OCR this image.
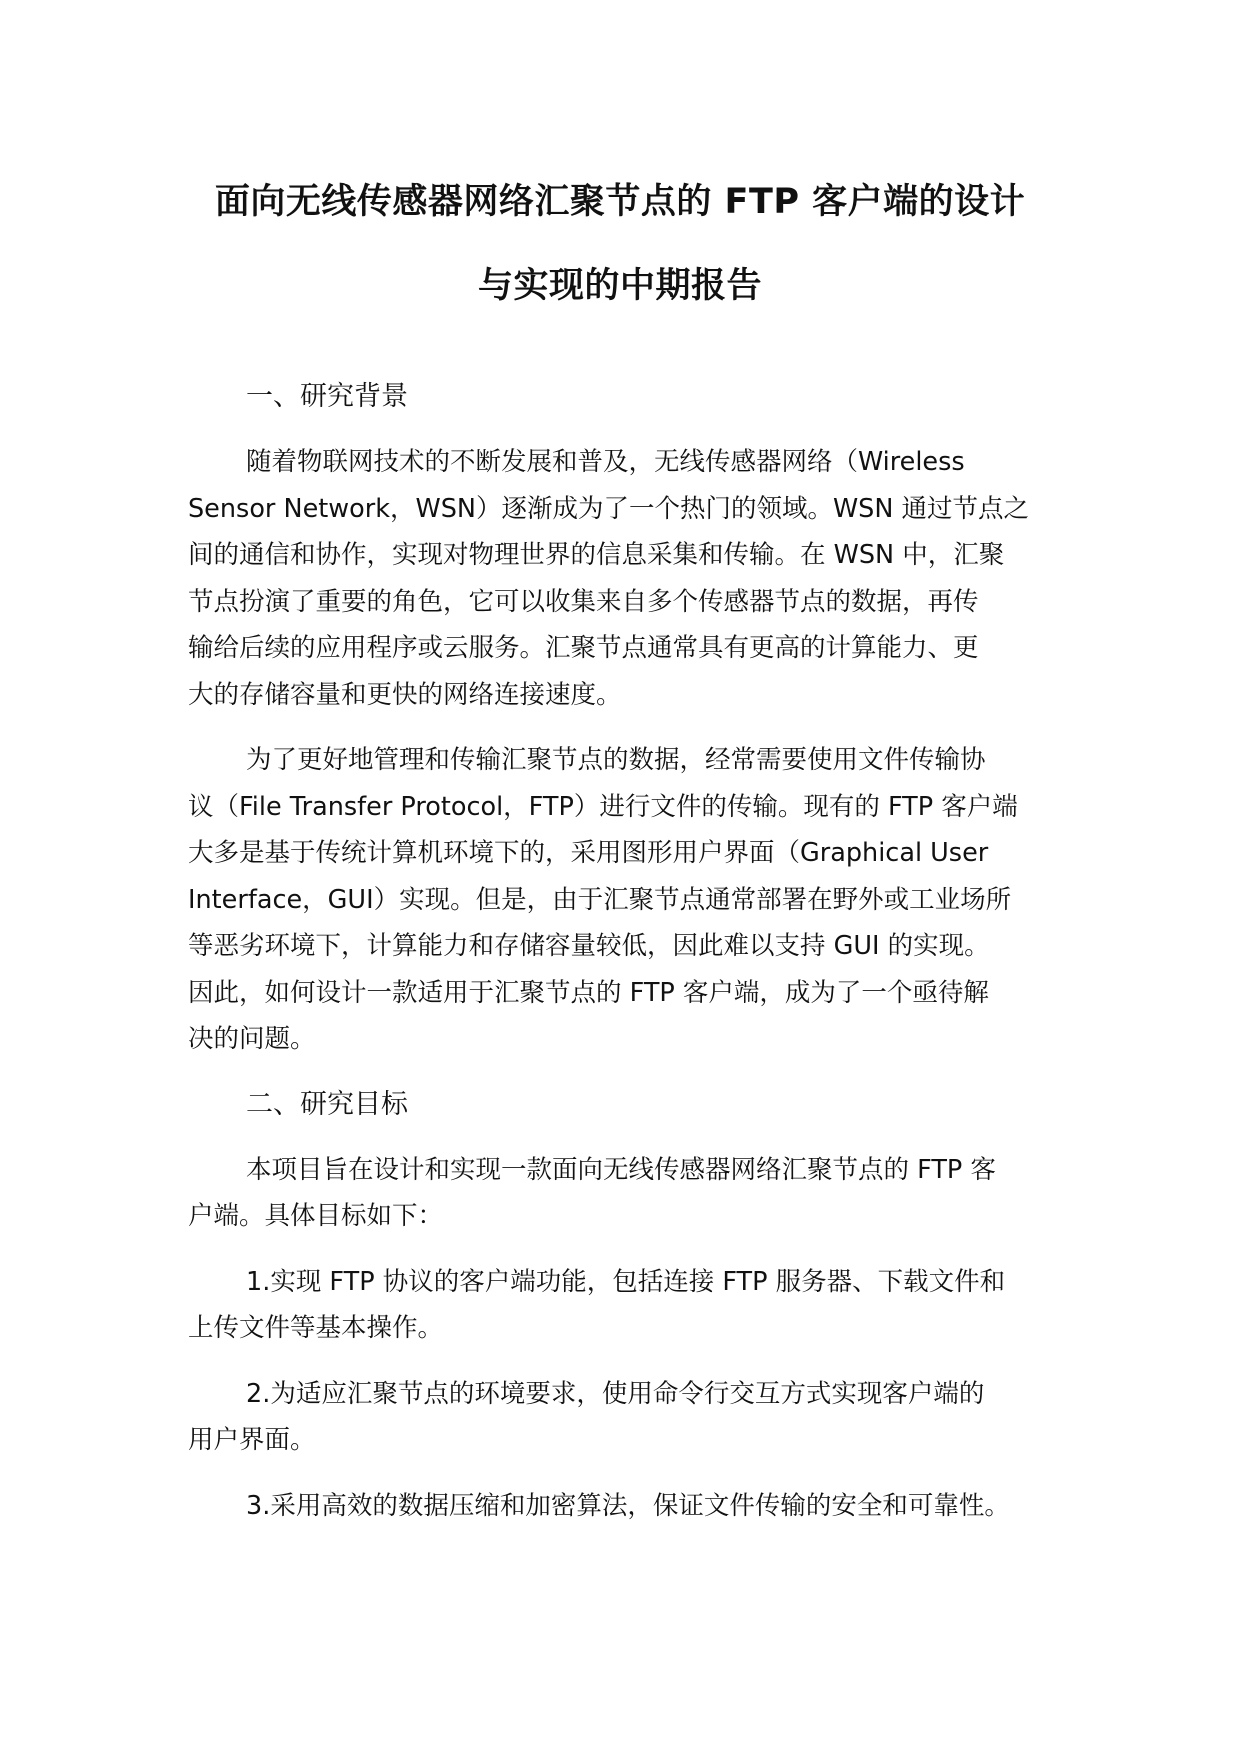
面向无线传感器网络汇聚节点的 FTP 客户端的设计
与实现的中期报告
一、研究背景
随着物联网技术的不断发展和普及，无线传感器网络（Wireless
Sensor Network，WSN）逐渐成为了一个热门的领域。WSN 通过节点之
间的通信和协作，实现对物理世界的信息采集和传输。在 WSN 中，汇聚
节点扮演了重要的角色，它可以收集来自多个传感器节点的数据，再传
输给后续的应用程序或云服务。汇聚节点通常具有更高的计算能力、更
大的存储容量和更快的网络连接速度。
为了更好地管理和传输汇聚节点的数据，经常需要使用文件传输协
议（File Transfer Protocol，FTP）进行文件的传输。现有的 FTP 客户端
大多是基于传统计算机环境下的，采用图形用户界面（Graphical User
Interface，GUI）实现。但是，由于汇聚节点通常部署在野外或工业场所
等恶劣环境下，计算能力和存储容量较低，因此难以支持 GUI 的实现。
因此，如何设计一款适用于汇聚节点的 FTP 客户端，成为了一个亟待解
决的问题。
二、研究目标
本项目旨在设计和实现一款面向无线传感器网络汇聚节点的 FTP 客
户端。具体目标如下：
1.实现 FTP 协议的客户端功能，包括连接 FTP 服务器、下载文件和
上传文件等基本操作。
2.为适应汇聚节点的环境要求，使用命令行交互方式实现客户端的
用户界面。
3.采用高效的数据压缩和加密算法，保证文件传输的安全和可靠性。
